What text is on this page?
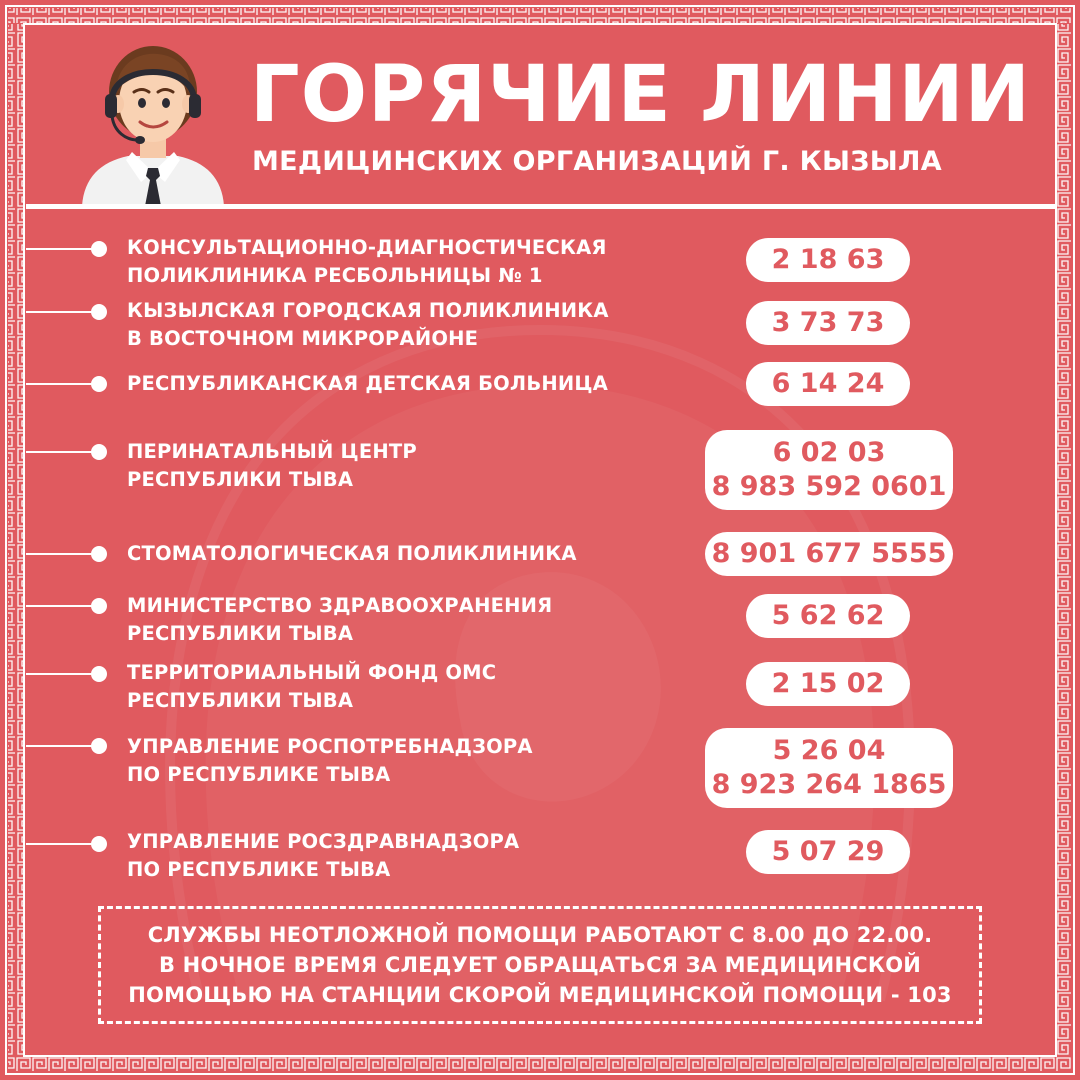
ГОРЯЧИЕ ЛИНИИ
МЕДИЦИНСКИХ ОРГАНИЗАЦИЙ Г. КЫЗЫЛА
КОНСУЛЬТАЦИОННО-ДИАГНОСТИЧЕСКАЯ
ПОЛИКЛИНИКА РЕСБОЛЬНИЦЫ № 1
2 18 63
КЫЗЫЛСКАЯ ГОРОДСКАЯ ПОЛИКЛИНИКА
В ВОСТОЧНОМ МИКРОРАЙОНЕ
3 73 73
РЕСПУБЛИКАНСКАЯ ДЕТСКАЯ БОЛЬНИЦА	6 14 24
ПЕРИНАТАЛЬНЫЙ ЦЕНТР
РЕСПУБЛИКИ ТЫВА
6 02 03
8 983 592 0601
СТОМАТОЛОГИЧЕСКАЯ ПОЛИКЛИНИКА	8 901 677 5555
МИНИСТЕРСТВО ЗДРАВООХРАНЕНИЯ
РЕСПУБЛИКИ ТЫВА
5 62 62
ТЕРРИТОРИАЛЬНЫЙ ФОНД ОМС
РЕСПУБЛИКИ ТЫВА
2 15 02
УПРАВЛЕНИЕ РОСПОТРЕБНАДЗОРА
ПО РЕСПУБЛИКЕ ТЫВА
5 26 04
8 923 264 1865
УПРАВЛЕНИЕ РОСЗДРАВНАДЗОРА
ПО РЕСПУБЛИКЕ ТЫВА
5 07 29
СЛУЖБЫ НЕОТЛОЖНОЙ ПОМОЩИ РАБОТАЮТ С 8.00 ДО 22.00.
В НОЧНОЕ ВРЕМЯ СЛЕДУЕТ ОБРАЩАТЬСЯ ЗА МЕДИЦИНСКОЙ
ПОМОЩЬЮ НА СТАНЦИИ СКОРОЙ МЕДИЦИНСКОЙ ПОМОЩИ - 103
